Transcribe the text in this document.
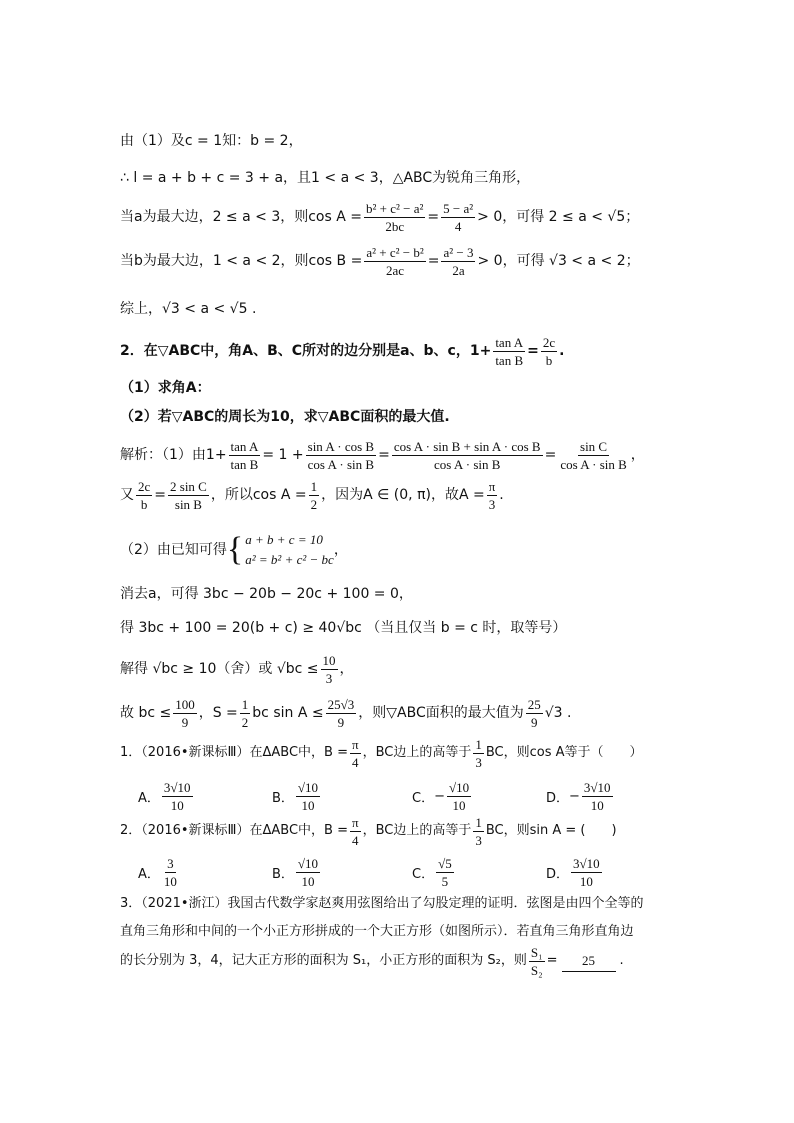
由（1）及c = 1知：b = 2，
∴ l = a + b + c = 3 + a，且1 < a < 3，△ABC为锐角三角形，
当a为最大边，2 ≤ a < 3，则$\cos A = \frac{\text{b² + c² − a²}}{2bc} = \frac{\text{5 − a²}}{4} > 0$，可得 2 ≤ a < √5；
当b为最大边，1 < a < 2，则$\cos B = \frac{\text{a² + c² − b²}}{2ac} = \frac{\text{a² − 3}}{2a} > 0$，可得 √3 < a < 2；
综上，√3 < a < √5 .
2．在▽ABC中，角A、B、C所对的边分别是a、b、c，$1+ \frac{\text{tan A}}{\text{tan B}} = \frac{2c}{b}$ .
（1）求角A：
（2）若▽ABC的周长为10，求▽ABC面积的最大值.
解析：（1）由$1+ \frac{\text{tan A}}{\text{tan B}} = 1 + \frac{\text{sin A · cos B}}{\text{cos A · sin B}} = \frac{\text{cos A · sin B + sin A · cos B}}{\text{cos A · sin B}} = \frac{\text{sin C}}{\text{cos A · sin B}}$ ，
又 $\frac{2c}{b} = \frac{\text{2 sin C}}{\text{sin B}}$ ，所以$\cos A = \frac{1}{2}$ ，因为A ∈ (0, π)，故$A = \frac{\pi}{3}$ .
（2）由已知可得 { a + b + c = 10
a² = b² + c² − bc
，
消去a，可得 3bc − 20b − 20c + 100 = 0，
得 3bc + 100 = 20(b + c) ≥ 40√bc （当且仅当 b = c 时，取等号）
解得 √bc ≥ 10（舍）或 $√bc \le \frac{10}{3}$ ，
故 bc ≤ $\frac{100}{9}$ ，$S = \frac{1}{2}$ bc $\sin A \le \frac{25√3}{9}$ ，则▽ABC面积的最大值为 $\frac{25}{9} √3$ .
1．（2016•新课标Ⅲ）在ΔABC中，$B = \frac{\pi}{4}$ ，BC边上的高等于 $\frac{1}{3}$ BC，则cos A等于（　　）
A． $\frac{3√10}{10}$	B． $\frac{√10}{10}$	C． − $\frac{√10}{10}$	D． − $\frac{3√10}{10}$
2．（2016•新课标Ⅲ）在ΔABC中，$B = \frac{\pi}{4}$ ，BC边上的高等于 $\frac{1}{3}$ BC，则sin A = (　　)
A． $\frac{3}{10}$	B． $\frac{√10}{10}$	C． $\frac{√5}{5}$	D． $\frac{3√10}{10}$
3．（2021•浙江）我国古代数学家赵爽用弦图给出了勾股定理的证明．弦图是由四个全等的
直角三角形和中间的一个小正方形拼成的一个大正方形（如图所示）．若直角三角形直角边
的长分别为 3，4，记大正方形的面积为 S₁，小正方形的面积为 S₂，则 $\frac{\text{S₁}}{\text{S₂}}$ =	25	.
